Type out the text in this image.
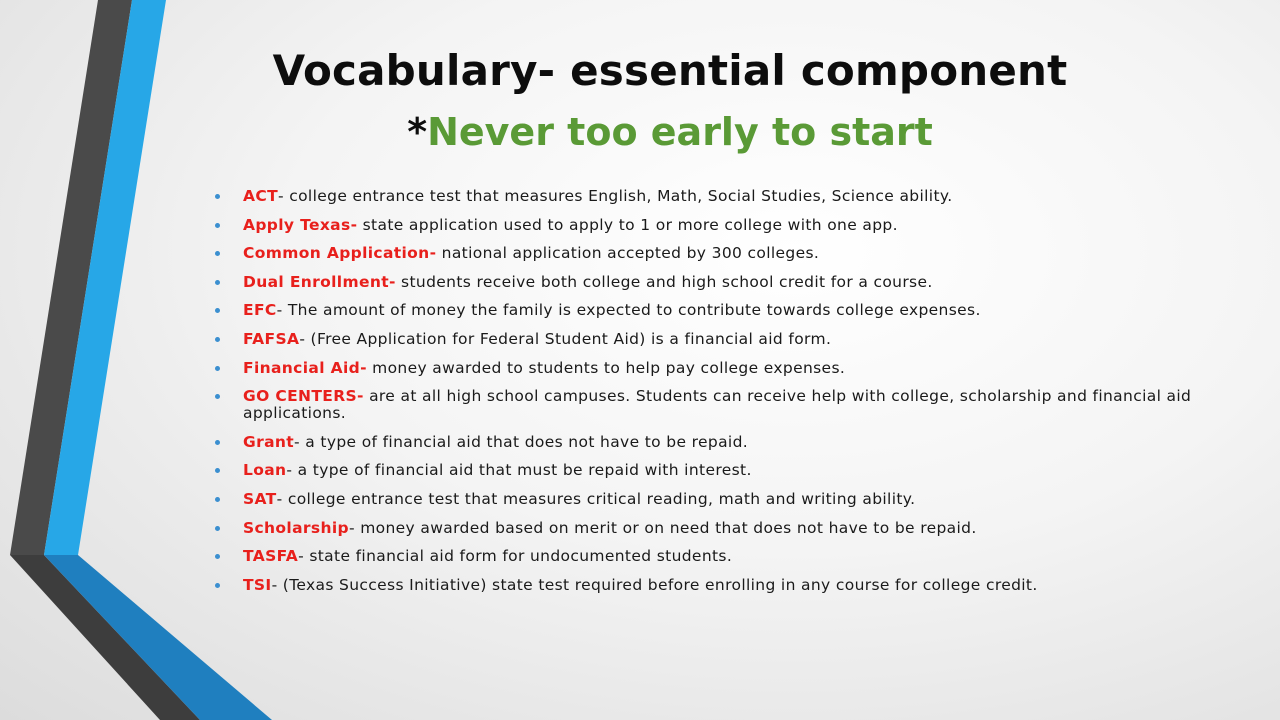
Vocabulary- essential component
*Never too early to start
ACT- college entrance test that measures English, Math, Social Studies, Science ability.
Apply Texas- state application used to apply to 1 or more college with one app.
Common Application- national application accepted by 300 colleges.
Dual Enrollment- students receive both college and high school credit for a course.
EFC- The amount of money the family is expected to contribute towards college expenses.
FAFSA- (Free Application for Federal Student Aid) is a financial aid form.
Financial Aid- money awarded to students to help pay college expenses.
GO CENTERS- are at all high school campuses. Students can receive help with college, scholarship and financial aid applications.
Grant- a type of financial aid that does not have to be repaid.
Loan- a type of financial aid that must be repaid with interest.
SAT- college entrance test that measures critical reading, math and writing ability.
Scholarship- money awarded based on merit or on need that does not have to be repaid.
TASFA- state financial aid form for undocumented students.
TSI- (Texas Success Initiative) state test required before enrolling in any course for college credit.
